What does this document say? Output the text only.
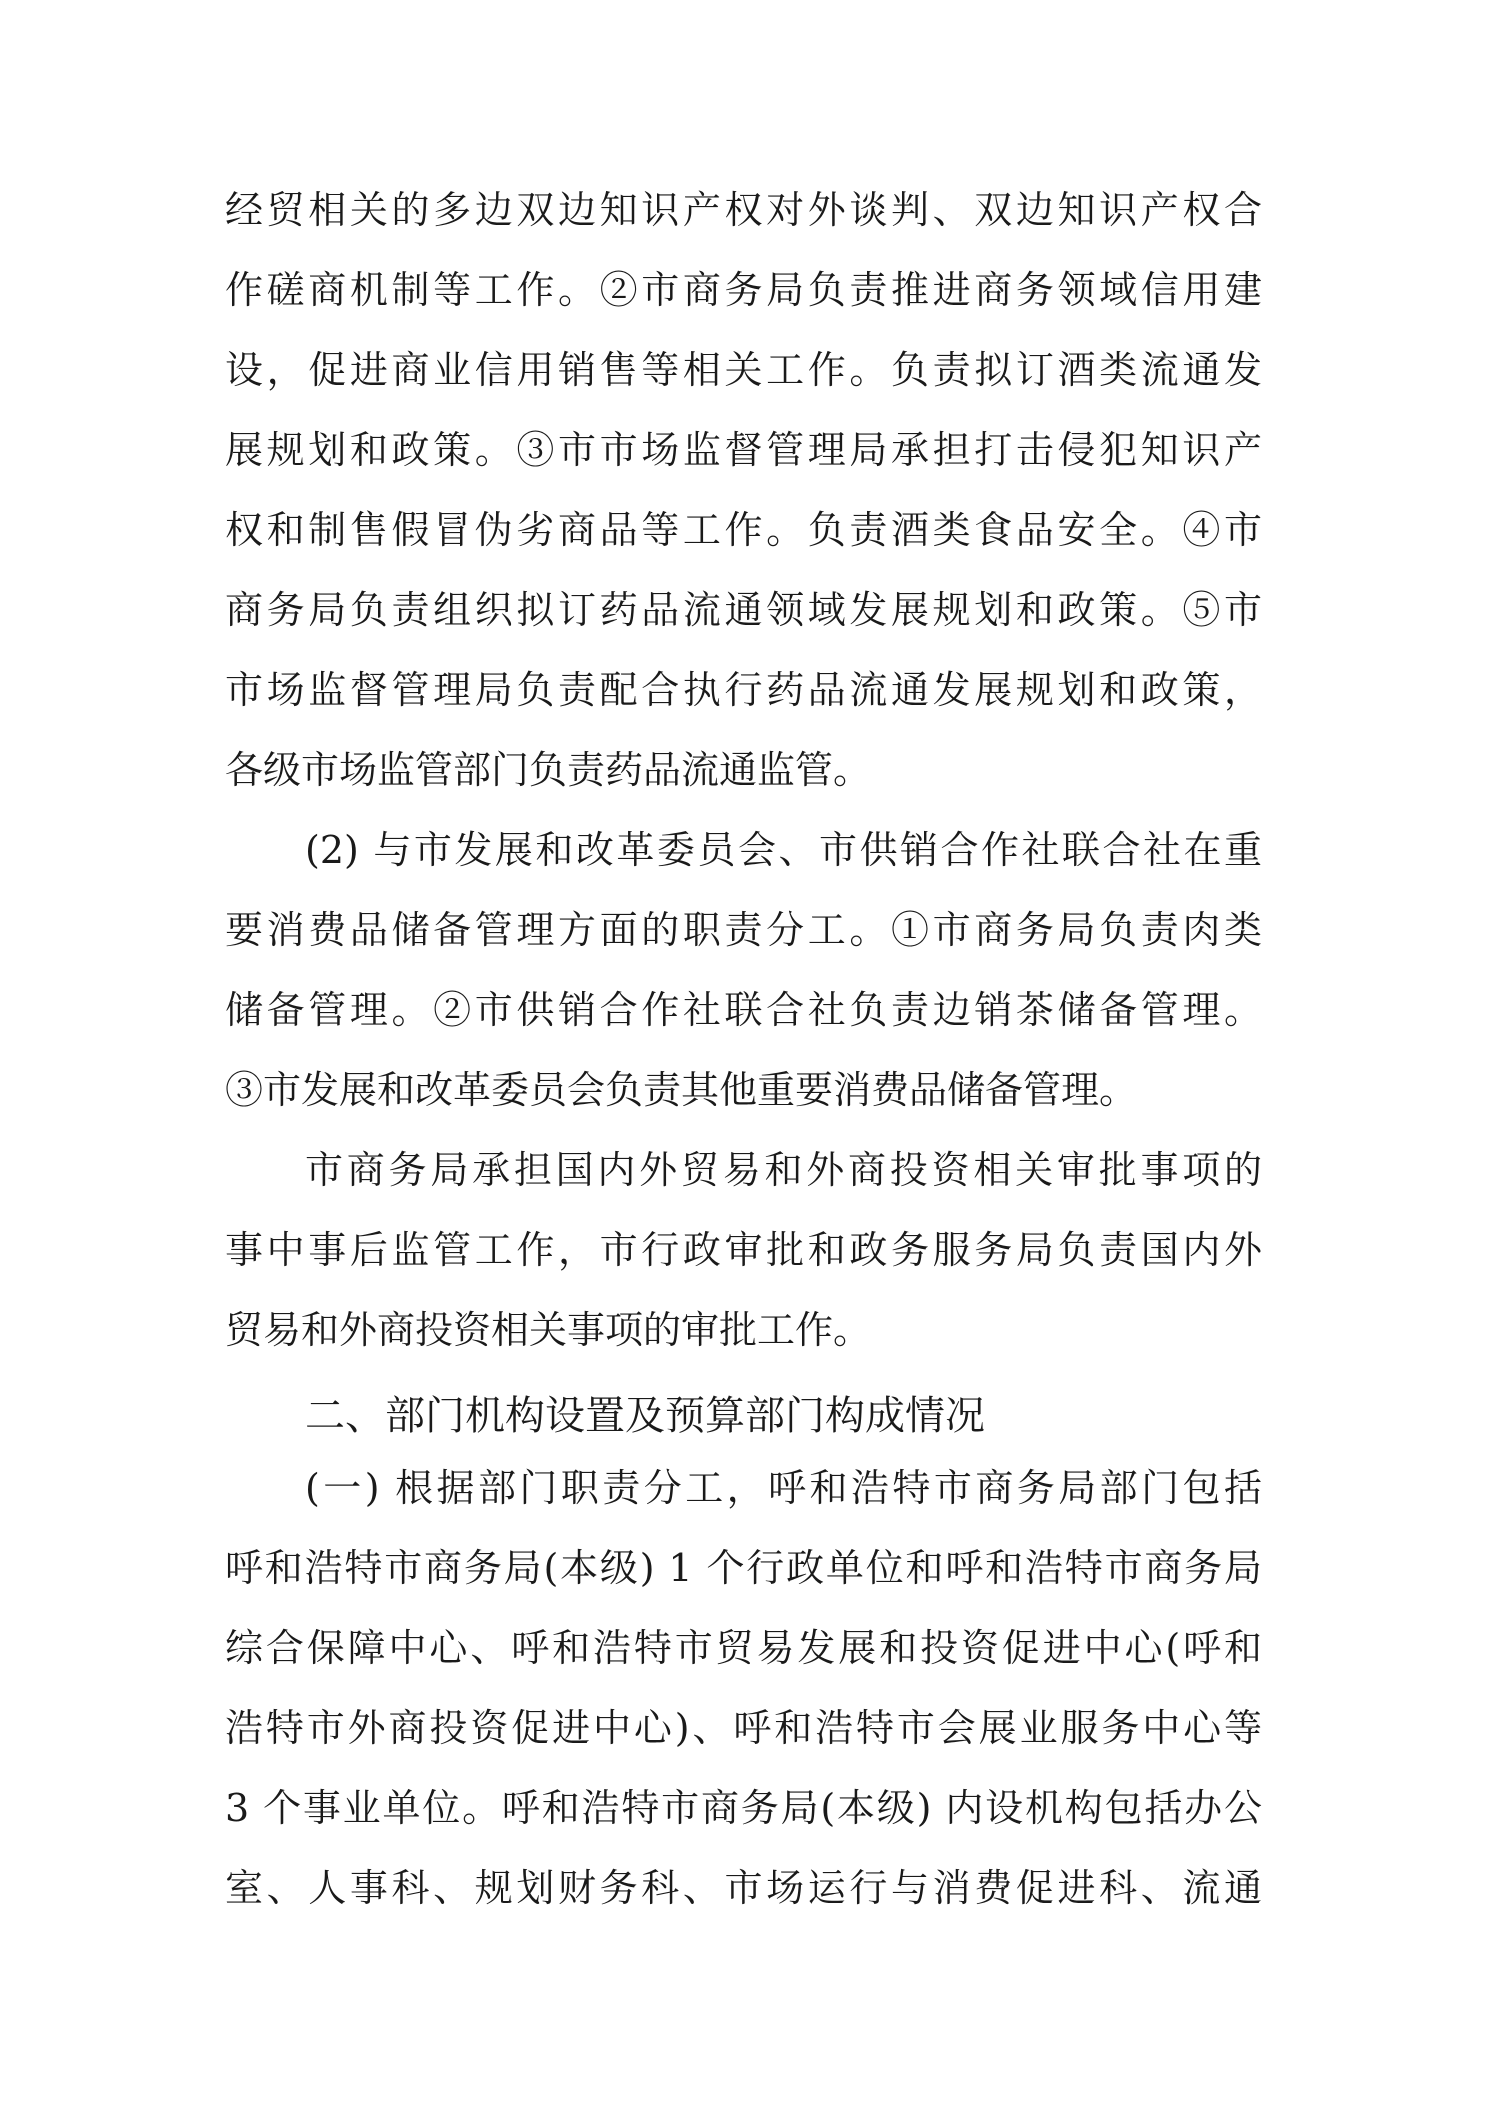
经贸相关的多边双边知识产权对外谈判、双边知识产权合
作磋商机制等工作。②市商务局负责推进商务领域信用建
设，促进商业信用销售等相关工作。负责拟订酒类流通发
展规划和政策。③市市场监督管理局承担打击侵犯知识产
权和制售假冒伪劣商品等工作。负责酒类食品安全。④市
商务局负责组织拟订药品流通领域发展规划和政策。⑤市
市场监督管理局负责配合执行药品流通发展规划和政策，
各级市场监管部门负责药品流通监管。
(2) 与市发展和改革委员会、市供销合作社联合社在重
要消费品储备管理方面的职责分工。①市商务局负责肉类
储备管理。②市供销合作社联合社负责边销茶储备管理。
③市发展和改革委员会负责其他重要消费品储备管理。
市商务局承担国内外贸易和外商投资相关审批事项的
事中事后监管工作，市行政审批和政务服务局负责国内外
贸易和外商投资相关事项的审批工作。
二、部门机构设置及预算部门构成情况
(一) 根据部门职责分工，呼和浩特市商务局部门包括
呼和浩特市商务局(本级) 1 个行政单位和呼和浩特市商务局
综合保障中心、呼和浩特市贸易发展和投资促进中心(呼和
浩特市外商投资促进中心)、呼和浩特市会展业服务中心等
3 个事业单位。呼和浩特市商务局(本级) 内设机构包括办公
室、人事科、规划财务科、市场运行与消费促进科、流通
